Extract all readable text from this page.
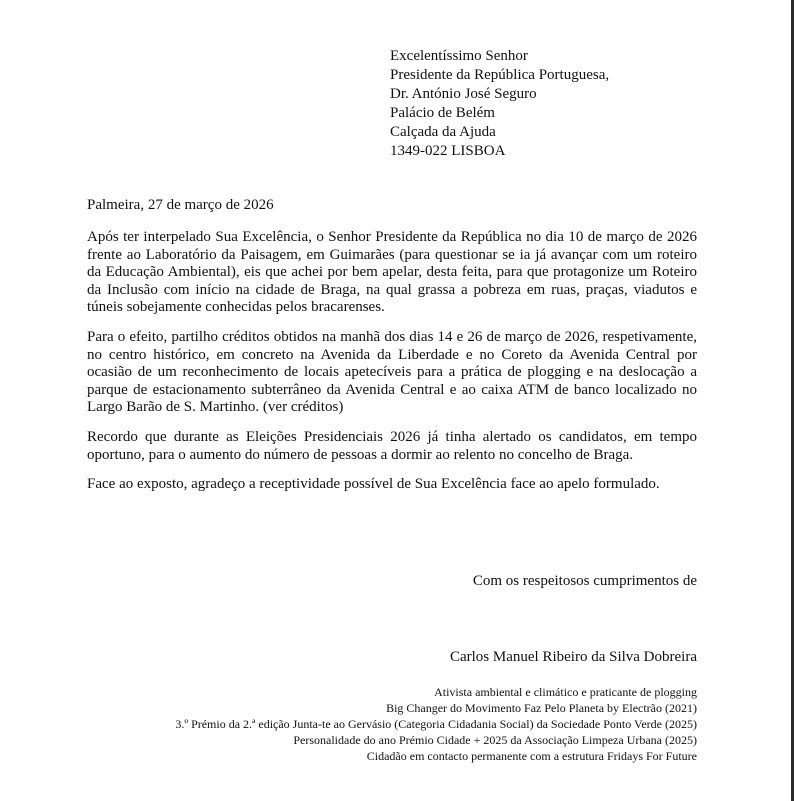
Excelentíssimo Senhor
Presidente da República Portuguesa,
Dr. António José Seguro
Palácio de Belém
Calçada da Ajuda
1349-022 LISBOA
Palmeira, 27 de março de 2026

Após ter interpelado Sua Excelência, o Senhor Presidente da República no dia 10 de março de 2026 frente ao Laboratório da Paisagem, em Guimarães (para questionar se ia já avançar com um roteiro da Educação Ambiental), eis que achei por bem apelar, desta feita, para que protagonize um Roteiro da Inclusão com início na cidade de Braga, na qual grassa a pobreza em ruas, praças, viadutos e túneis sobejamente conhecidas pelos bracarenses.

Para o efeito, partilho créditos obtidos na manhã dos dias 14 e 26 de março de 2026, respetivamente, no centro histórico, em concreto na Avenida da Liberdade e no Coreto da Avenida Central por ocasião de um reconhecimento de locais apetecíveis para a prática de plogging e na deslocação a parque de estacionamento subterrâneo da Avenida Central e ao caixa ATM de banco localizado no Largo Barão de S. Martinho. (ver créditos)

Recordo que durante as Eleições Presidenciais 2026 já tinha alertado os candidatos, em tempo oportuno, para o aumento do número de pessoas a dormir ao relento no concelho de Braga.

Face ao exposto, agradeço a receptividade possível de Sua Excelência face ao apelo formulado.

Com os respeitosos cumprimentos de
Carlos Manuel Ribeiro da Silva Dobreira
Ativista ambiental e climático e praticante de plogging
Big Changer do Movimento Faz Pelo Planeta by Electrão (2021)
3.º Prémio da 2.ª edição Junta-te ao Gervásio (Categoria Cidadania Social) da Sociedade Ponto Verde (2025)
Personalidade do ano Prémio Cidade + 2025 da Associação Limpeza Urbana (2025)
Cidadão em contacto permanente com a estrutura Fridays For Future
